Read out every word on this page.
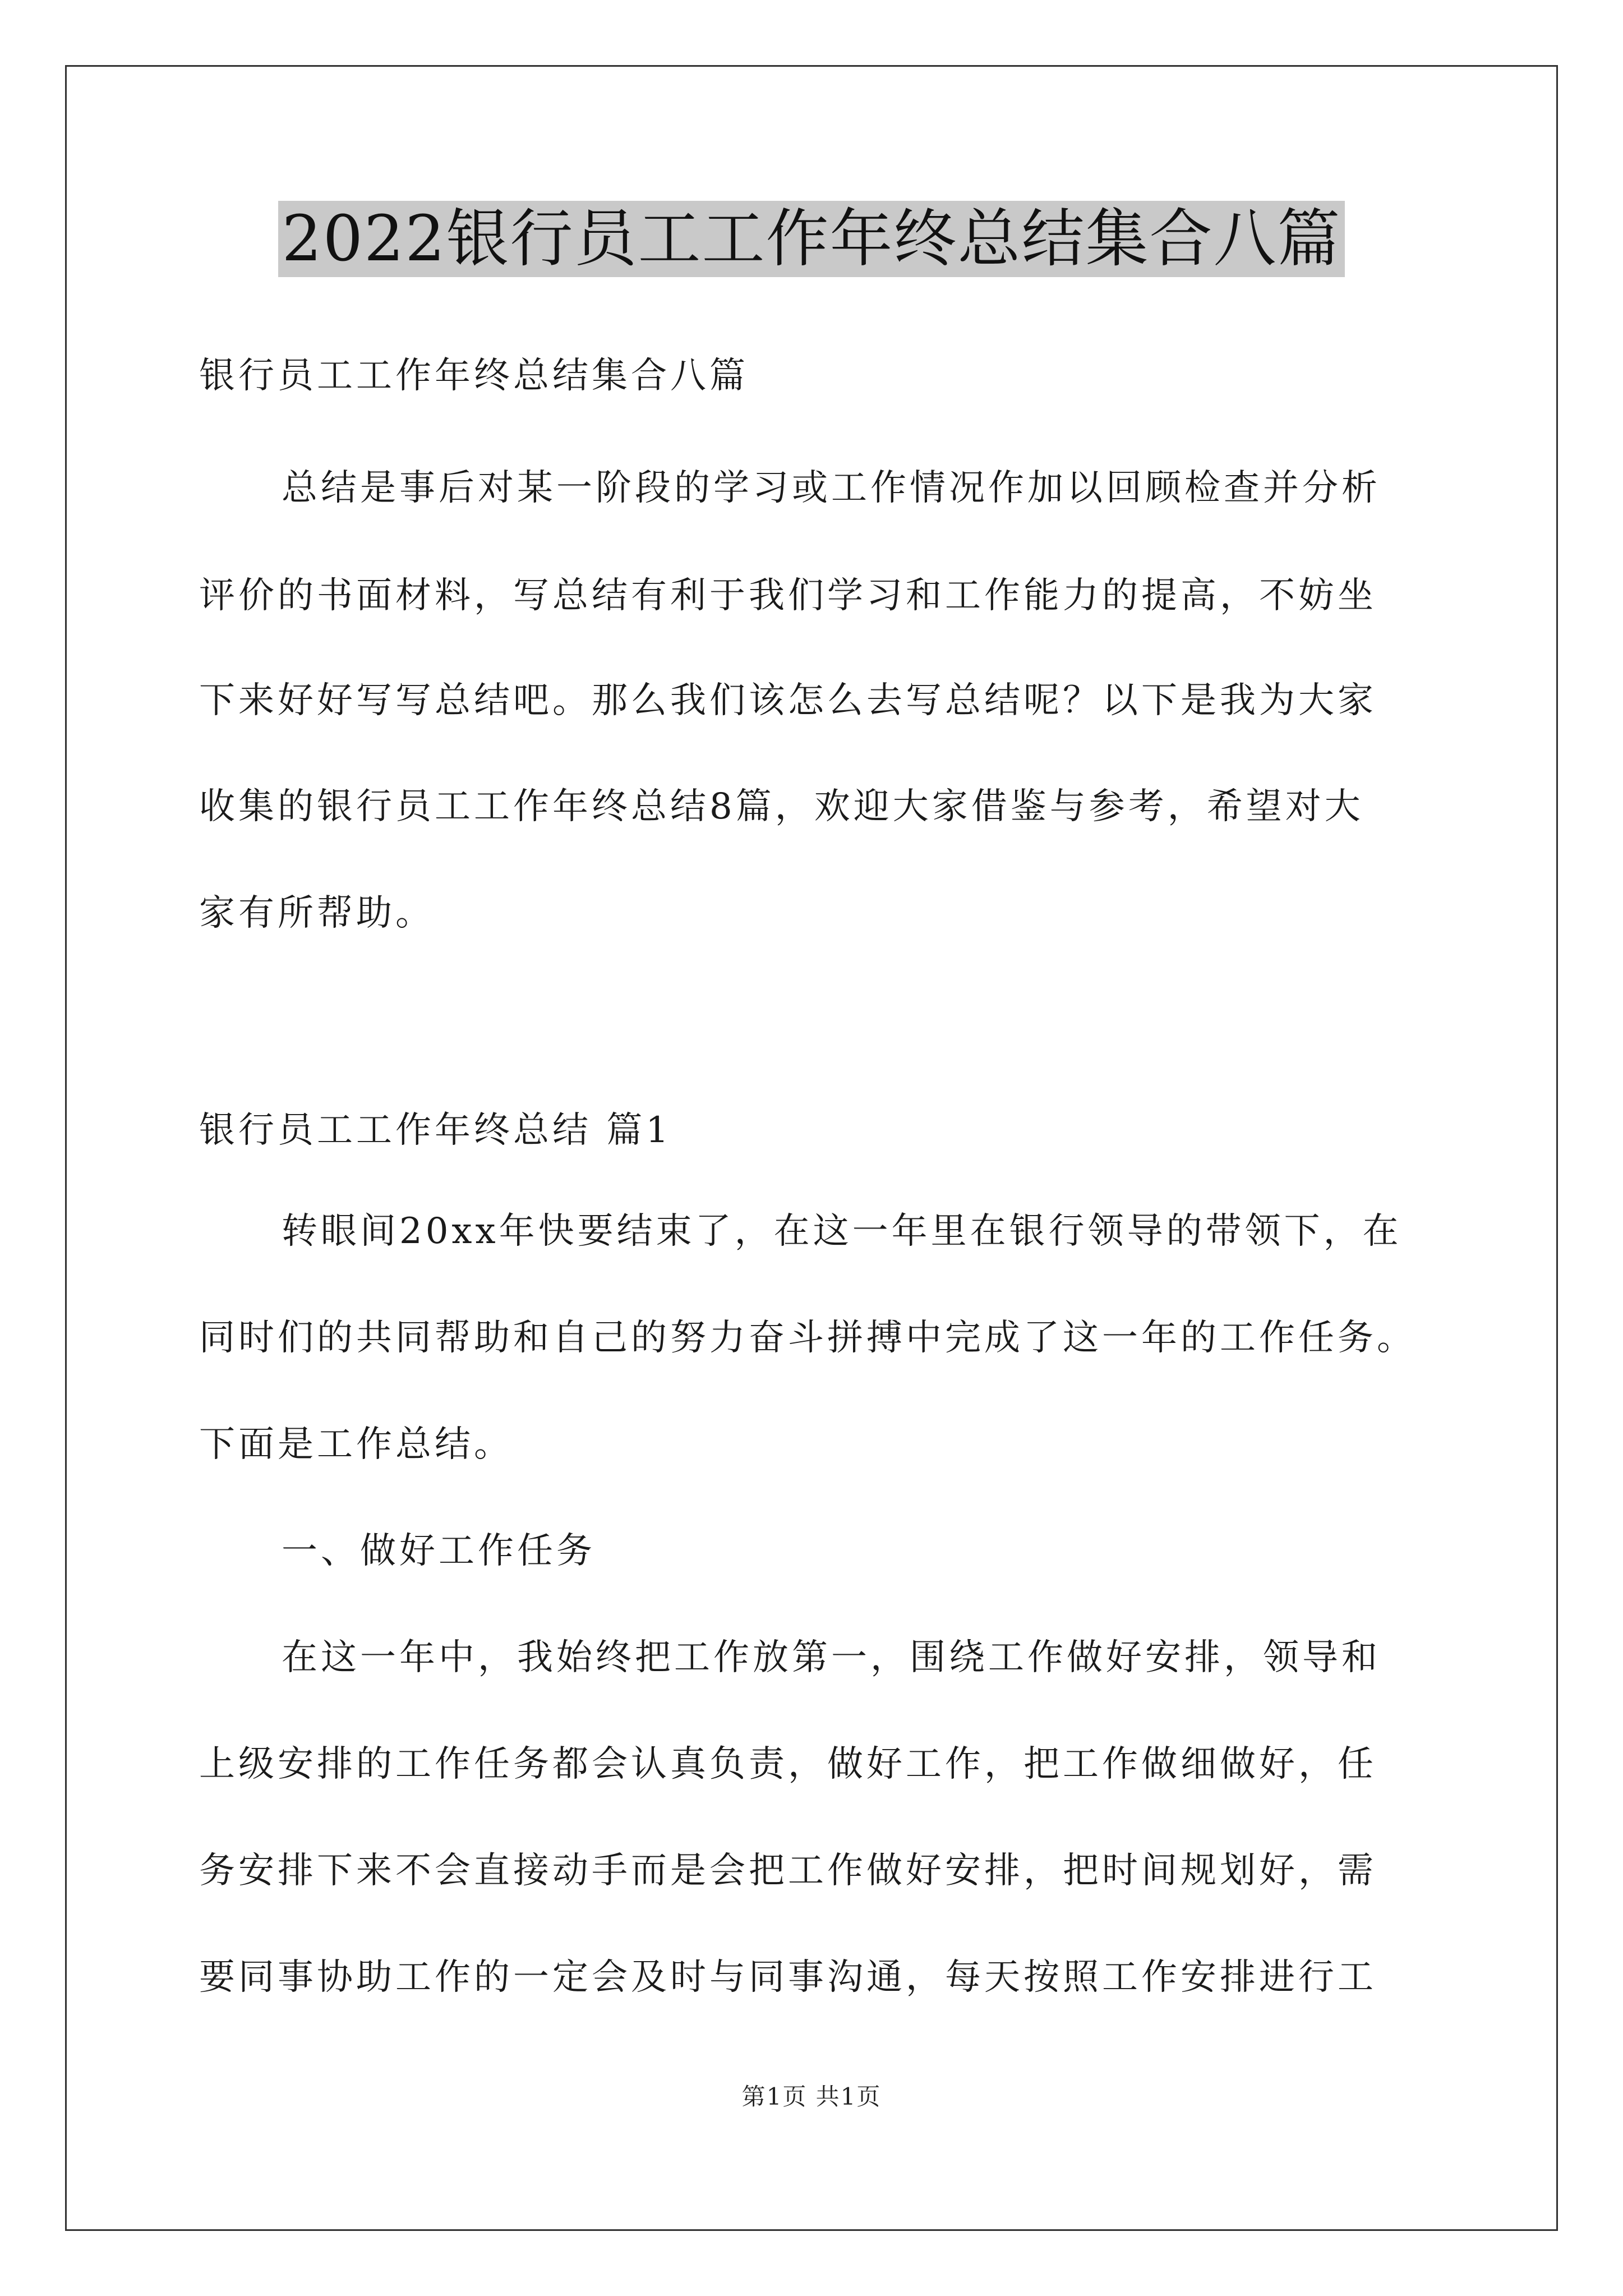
2022银行员工工作年终总结集合八篇
银行员工工作年终总结集合八篇
总结是事后对某一阶段的学习或工作情况作加以回顾检查并分析
评价的书面材料，写总结有利于我们学习和工作能力的提高，不妨坐
下来好好写写总结吧。那么我们该怎么去写总结呢？以下是我为大家
收集的银行员工工作年终总结8篇，欢迎大家借鉴与参考，希望对大
家有所帮助。
银行员工工作年终总结 篇1
转眼间20xx年快要结束了，在这一年里在银行领导的带领下，在
同时们的共同帮助和自己的努力奋斗拼搏中完成了这一年的工作任务。
下面是工作总结。
一、做好工作任务
在这一年中，我始终把工作放第一，围绕工作做好安排，领导和
上级安排的工作任务都会认真负责，做好工作，把工作做细做好，任
务安排下来不会直接动手而是会把工作做好安排，把时间规划好，需
要同事协助工作的一定会及时与同事沟通，每天按照工作安排进行工
第1页 共1页
